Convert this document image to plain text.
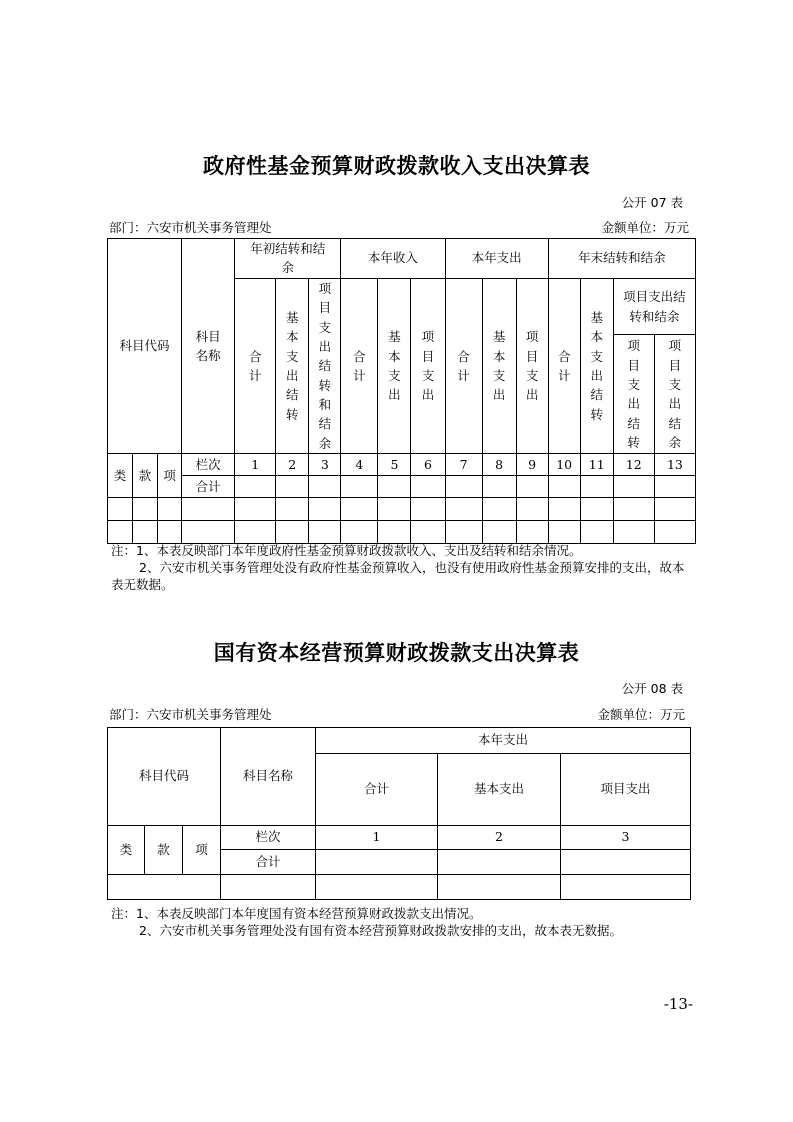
政府性基金预算财政拨款收入支出决算表
公开 07 表
部门：六安市机关事务管理处	金额单位：万元
科目代码			科目名称	年初结转和结余			本年收入			本年支出			年末结转和结余			
				合计	基本支出结转	项目支出结转和结余	合计	基本支出	项目支出	合计	基本支出	项目支出	合计	基本支出结转	项目支出结转和结余	
															项目支出结转	项目支出结余
类	款	项	栏次	1	2	3	4	5	6	7	8	9	10	11	12	13
			合计													

注：1、本表反映部门本年度政府性基金预算财政拨款收入、支出及结转和结余情况。
2、六安市机关事务管理处没有政府性基金预算收入，也没有使用政府性基金预算安排的支出，故本表无数据。
国有资本经营预算财政拨款支出决算表
公开 08 表
部门：六安市机关事务管理处	金额单位：万元
科目代码			科目名称	本年支出		
				合计	基本支出	项目支出
类	款	项	栏次	1	2	3
			合计			

注：1、本表反映部门本年度国有资本经营预算财政拨款支出情况。
2、六安市机关事务管理处没有国有资本经营预算财政拨款安排的支出，故本表无数据。
-13-
